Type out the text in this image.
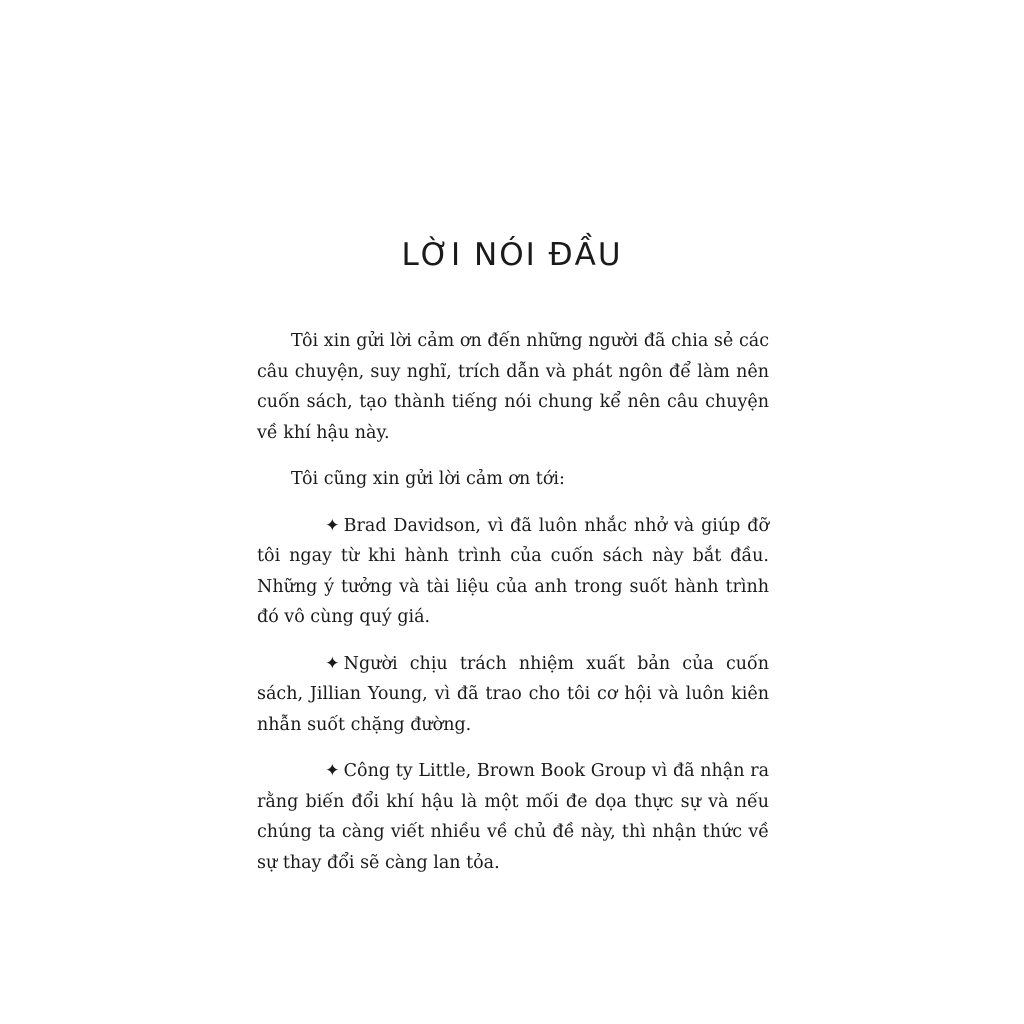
LỜI NÓI ĐẦU

Tôi xin gửi lời cảm ơn đến những người đã chia sẻ các câu chuyện, suy nghĩ, trích dẫn và phát ngôn để làm nên cuốn sách, tạo thành tiếng nói chung kể nên câu chuyện về khí hậu này.

Tôi cũng xin gửi lời cảm ơn tới:

✦ Brad Davidson, vì đã luôn nhắc nhở và giúp đỡ tôi ngay từ khi hành trình của cuốn sách này bắt đầu. Những ý tưởng và tài liệu của anh trong suốt hành trình đó vô cùng quý giá.

✦ Người chịu trách nhiệm xuất bản của cuốn sách, Jillian Young, vì đã trao cho tôi cơ hội và luôn kiên nhẫn suốt chặng đường.

✦ Công ty Little, Brown Book Group vì đã nhận ra rằng biến đổi khí hậu là một mối đe dọa thực sự và nếu chúng ta càng viết nhiều về chủ đề này, thì nhận thức về sự thay đổi sẽ càng lan tỏa.
